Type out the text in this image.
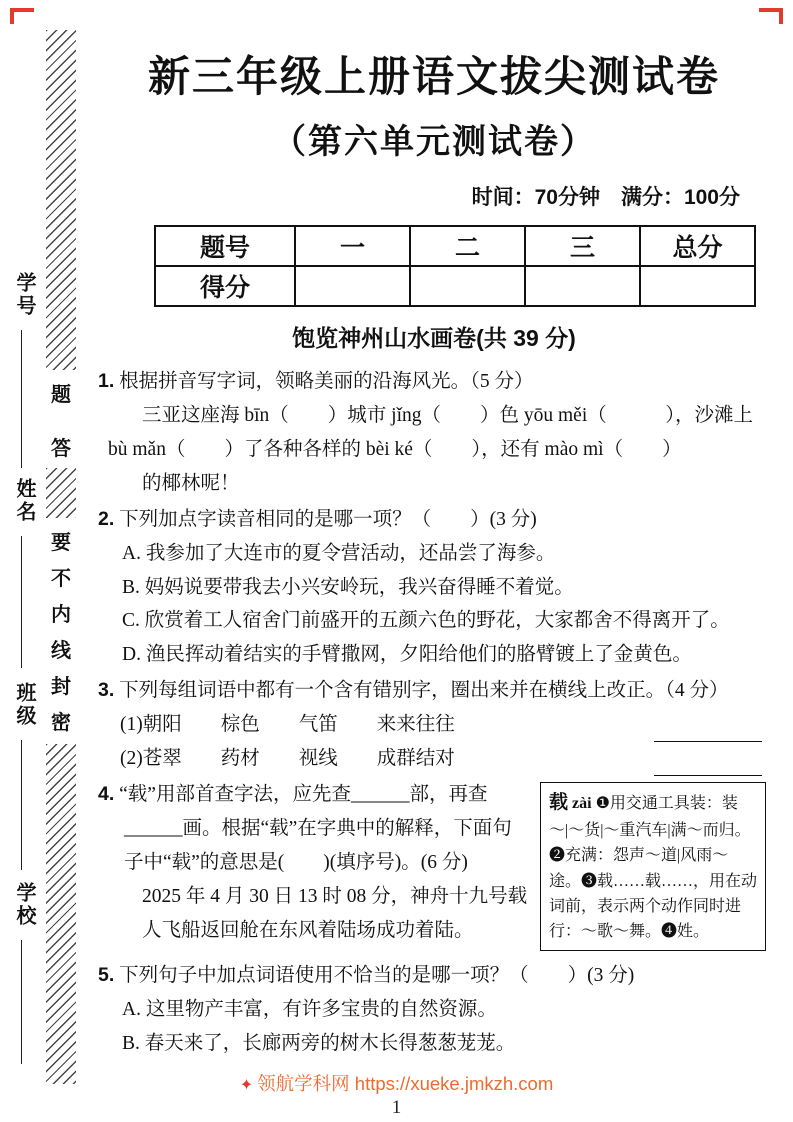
学号
姓名
班级
学校
题
答
要
不
内
线
封
密
新三年级上册语文拔尖测试卷
（第六单元测试卷）
时间：70分钟　满分：100分
题号	一	二	三	总分
得分				
饱览神州山水画卷(共 39 分)

1. 根据拼音写字词，领略美丽的沿海风光。（5 分）

三亚这座海 bīn（　　）城市 jǐng（　　）色 yōu měi（　　　），沙滩上
bù mǎn（　　）了各种各样的 bèi ké（　　），还有 mào mì（　　）
的椰林呢！

2. 下列加点字读音相同的是哪一项？（　　）(3 分)

A. 我参加了大连市的夏令营活动，还品尝了海参。
B. 妈妈说要带我去小兴安岭玩，我兴奋得睡不着觉。
C. 欣赏着工人宿舍门前盛开的五颜六色的野花，大家都舍不得离开了。
D. 渔民挥动着结实的手臂撒网，夕阳给他们的胳臂镀上了金黄色。

3. 下列每组词语中都有一个含有错别字，圈出来并在横线上改正。（4 分）

(1)朝阳　　棕色　　气笛　　来来往往
(2)苍翠　　药材　　视线　　成群结对
载 zài ❶用交通工具装：装～|～货|～重汽车|满～而归。❷充满：怨声～道|风雨～途。❸载……载……，用在动词前，表示两个动作同时进行：～歌～舞。❹姓。

4. “载”用部首查字法，应先查______部，再查______画。根据“载”在字典中的解释，下面句子中“载”的意思是(　　)(填序号)。(6 分)

2025 年 4 月 30 日 13 时 08 分，神舟十九号载人飞船返回舱在东风着陆场成功着陆。

5. 下列句子中加点词语使用不恰当的是哪一项？（　　）(3 分)

A. 这里物产丰富，有许多宝贵的自然资源。
B. 春天来了，长廊两旁的树木长得葱葱茏茏。
✦ 领航学科网 https://xueke.jmkzh.com
1
